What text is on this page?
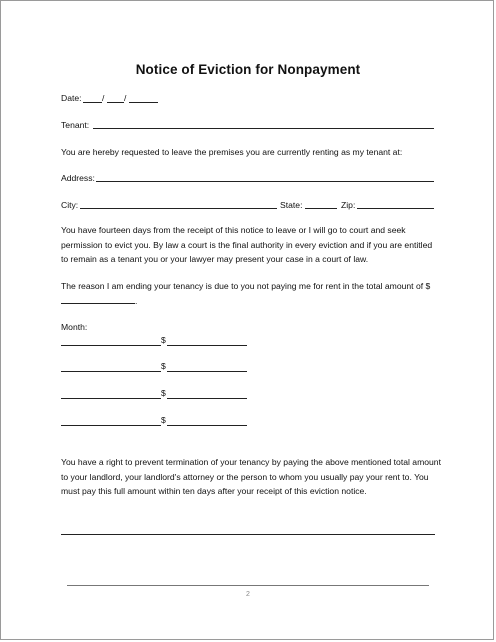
Notice of Eviction for Nonpayment
Date: / /
Tenant:
You are hereby requested to leave the premises you are currently renting as my tenant at:
Address:
City:	State:	Zip:
You have fourteen days from the receipt of this notice to leave or I will go to court and seek permission to evict you. By law a court is the final authority in every eviction and if you are entitled to remain as a tenant you or your lawyer may present your case in a court of law.
The reason I am ending your tenancy is due to you not paying me for rent in the total amount of $.
Month:
$
$
$
$
You have a right to prevent termination of your tenancy by paying the above mentioned total amount to your landlord, your landlord's attorney or the person to whom you usually pay your rent to. You must pay this full amount within ten days after your receipt of this eviction notice.
2
